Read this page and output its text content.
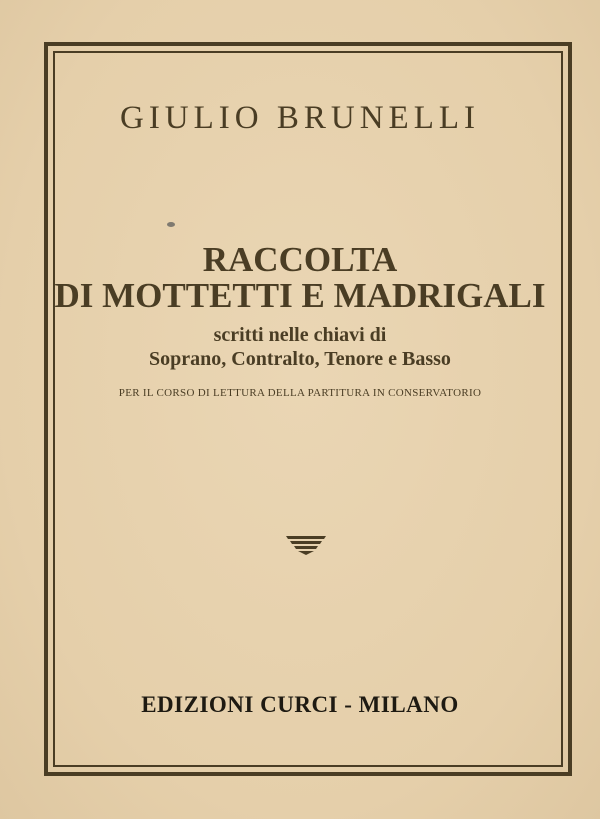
GIULIO BRUNELLI
RACCOLTA
DI MOTTETTI E MADRIGALI
scritti nelle chiavi di
Soprano, Contralto, Tenore e Basso
PER IL CORSO DI LETTURA DELLA PARTITURA IN CONSERVATORIO
EDIZIONI CURCI - MILANO
